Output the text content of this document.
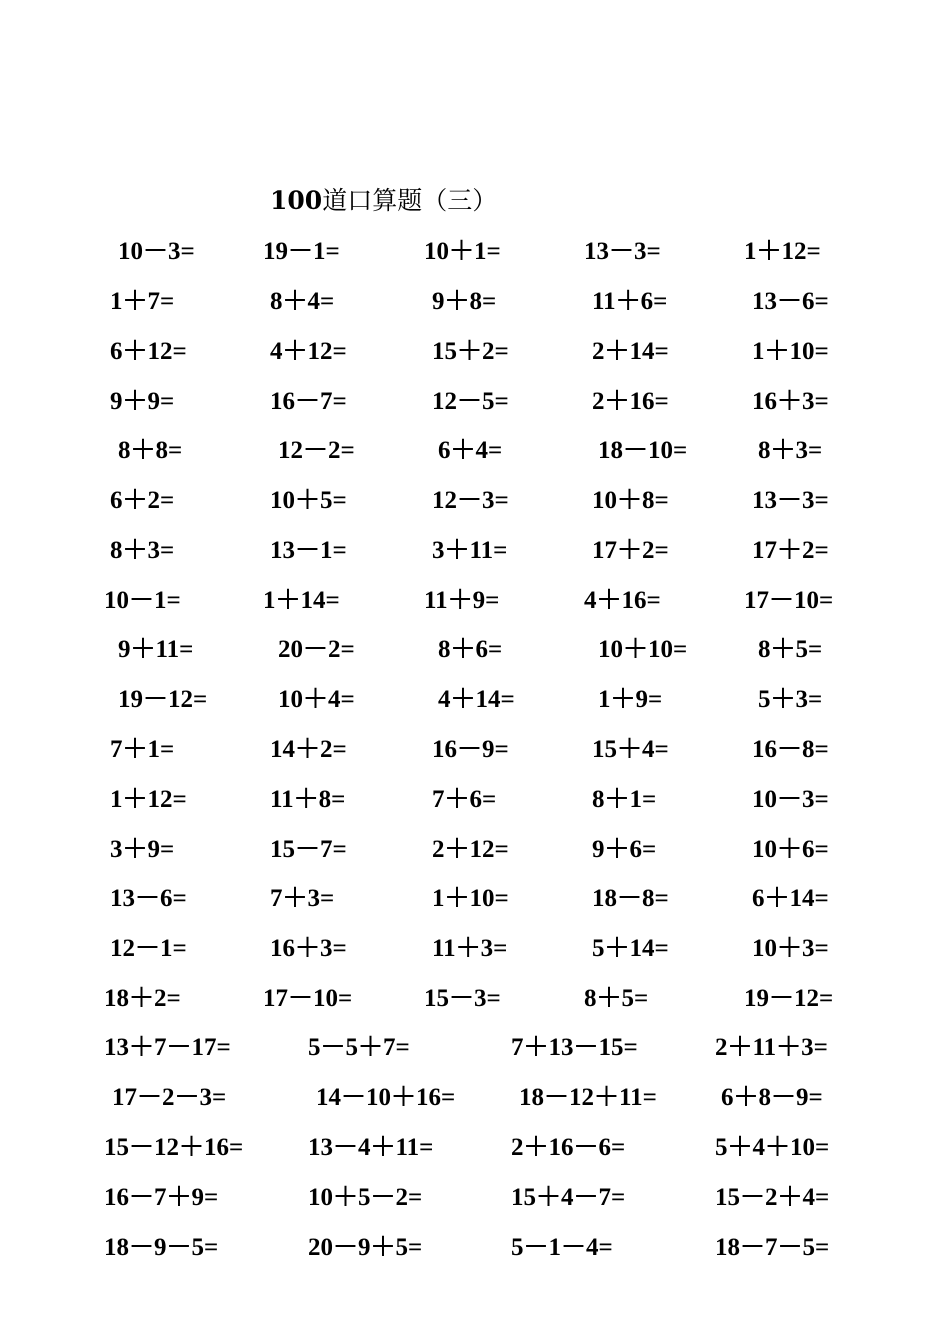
100道口算题（三）
10－3=	19－1=	10＋1=	13－3=	1＋12=
1＋7=	8＋4=	9＋8=	11＋6=	13－6=
6＋12=	4＋12=	15＋2=	2＋14=	1＋10=
9＋9=	16－7=	12－5=	2＋16=	16＋3=
8＋8=	12－2=	6＋4=	18－10=	8＋3=
6＋2=	10＋5=	12－3=	10＋8=	13－3=
8＋3=	13－1=	3＋11=	17＋2=	17＋2=
10－1=	1＋14=	11＋9=	4＋16=	17－10=
9＋11=	20－2=	8＋6=	10＋10=	8＋5=
19－12=	10＋4=	4＋14=	1＋9=	5＋3=
7＋1=	14＋2=	16－9=	15＋4=	16－8=
1＋12=	11＋8=	7＋6=	8＋1=	10－3=
3＋9=	15－7=	2＋12=	9＋6=	10＋6=
13－6=	7＋3=	1＋10=	18－8=	6＋14=
12－1=	16＋3=	11＋3=	5＋14=	10＋3=
18＋2=	17－10=	15－3=	8＋5=	19－12=
13＋7－17=	5－5＋7=	7＋13－15=	2＋11＋3=
17－2－3=	14－10＋16=	18－12＋11=	6＋8－9=
15－12＋16=	13－4＋11=	2＋16－6=	5＋4＋10=
16－7＋9=	10＋5－2=	15＋4－7=	15－2＋4=
18－9－5=	20－9＋5=	5－1－4=	18－7－5=
